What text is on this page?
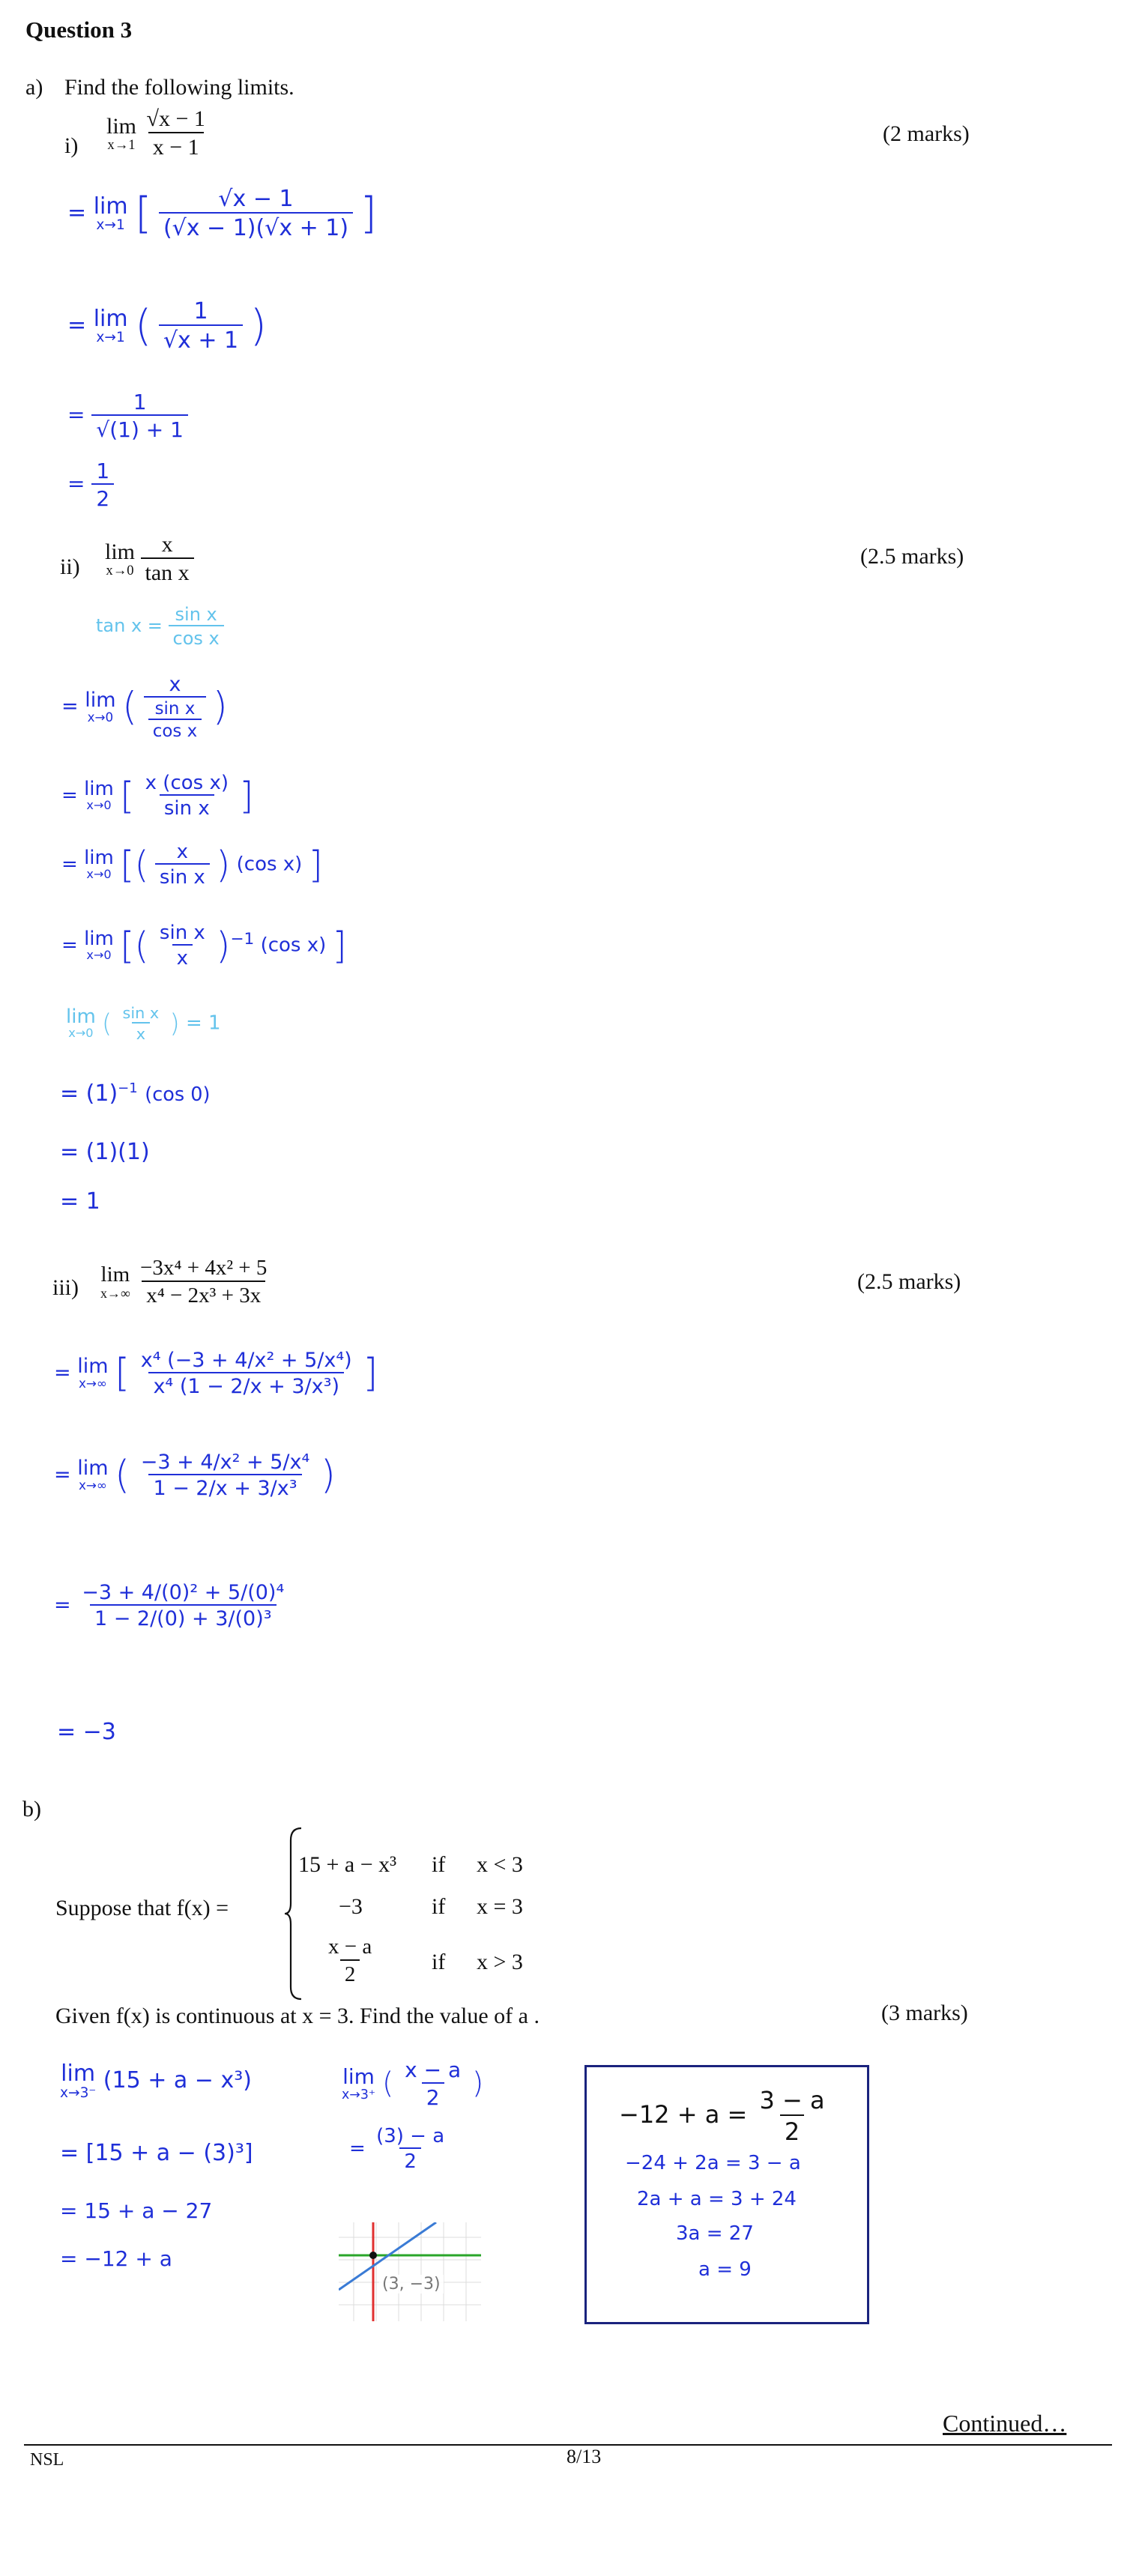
Question 3
a) Find the following limits.
i)
lim
x→1
$\frac{√x - 1}{x - 1}$	(2 marks)
= lim
x→1 [ $\frac{√x - 1}{(√x - 1)(√x + 1)}$ ]
= lim
x→1 ( $\frac{1}{√x + 1}$ )
= $\frac{1}{√(1) + 1}$
= $\frac{1}{2}$
ii)
lim
x→0
$\frac{x}{\text{tan x}}$	(2.5 marks)
$\tan x = \frac{\text{sin x}}{\text{cos x}}$
= lim
x→0 ( $\frac{x}{\frac{\text{sin x}}{\text{cos x}}}$ )
= lim
x→0 [ $\frac{\text{x (cos x)}}{\text{sin x}}$ ]
= lim
x→0 [( $\frac{x}{\text{sin x}}$ ) (cos x) ]
= lim
x→0 [( $\frac{\text{sin x}}{x} )^{-1}$ (cos x) ]
lim
x→0 ( $\frac{\text{sin x}}{x}$ ) = 1
= $(1)^{-1}$ (cos 0)
= (1)(1)
= 1
iii)
lim
x→∞
$\frac{\text{−3x⁴ + 4x² + 5}}{\text{x⁴ − 2x³ + 3x}}$	(2.5 marks)
= lim
x→∞ [ $\frac{\text{x⁴ (−3 + 4/x² + 5/x⁴)}}{\text{x⁴ (1 − 2/x + 3/x³)}}$ ]
= lim
x→∞ ( $\frac{\text{−3 + 4/x² + 5/x⁴}}{\text{1 − 2/x + 3/x³}}$ )
= $\frac{\text{−3 + 4/(0)² + 5/(0)⁴}}{\text{1 − 2/(0) + 3/(0)³}}$
= −3
b)
Suppose that f(x) =
15 + a − x³ if x < 3
−3	if x = 3
$\frac{x - a}{2}$ if x > 3
Given f(x) is continuous at x = 3. Find the value of a .	(3 marks)
lim
x→3⁻ (15 + a − x³)
= [15 + a − (3)³]
= 15 + a − 27
= −12 + a
lim
x→3⁺ ( $\frac{x - a}{2}$ )
= $\frac{(3) - a}{2}$
(3, −3)
$-12 + a = \frac{3 - a}{2}$
−24 + 2a = 3 − a
2a + a = 3 + 24
3a = 27
a = 9
Continued…
NSL	8/13
